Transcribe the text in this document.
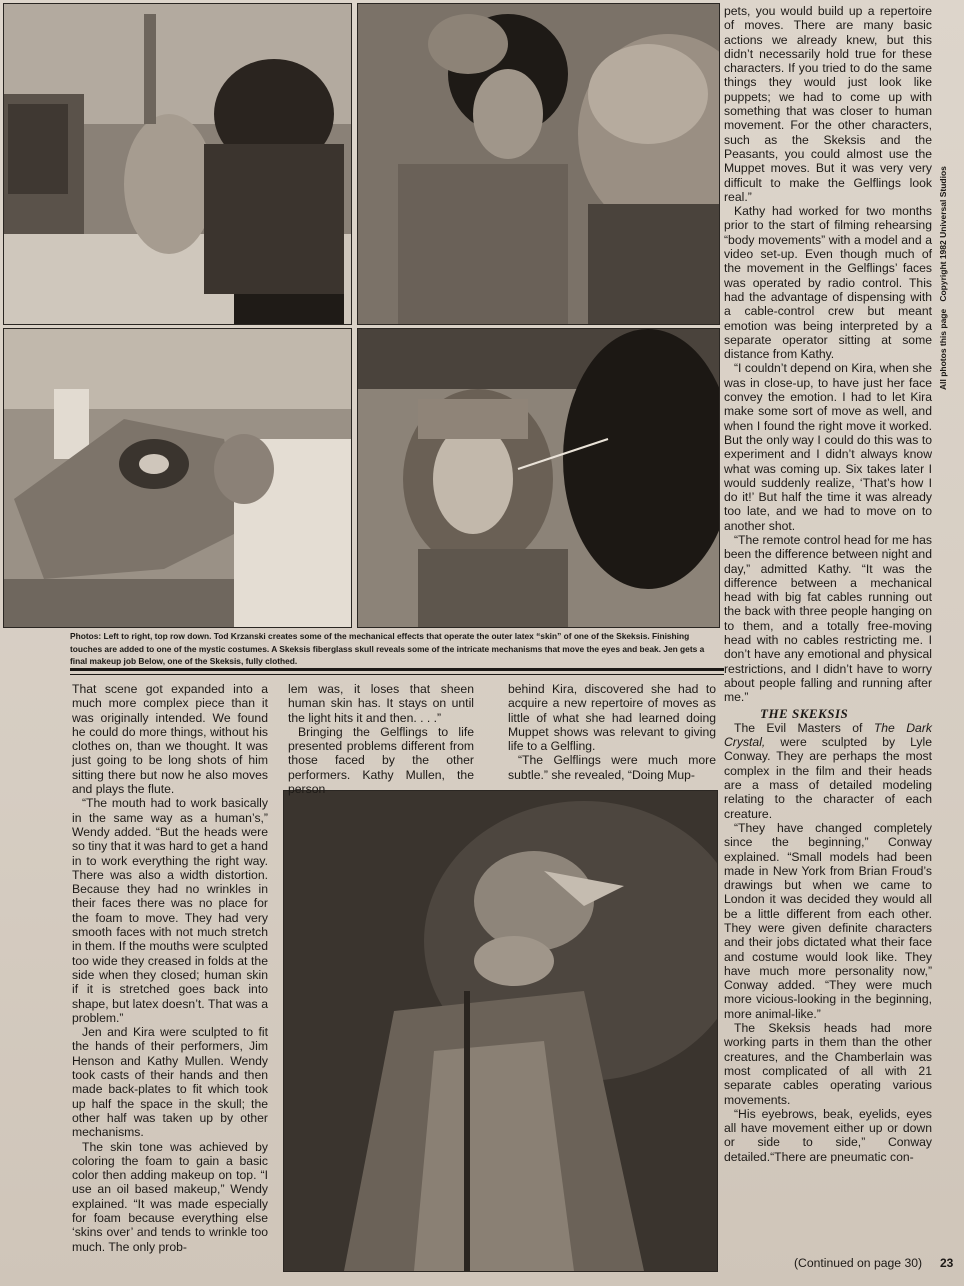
Photos: Left to right, top row down. Tod Krzanski creates some of the mechanical effects that operate the outer latex “skin” of one of the Skeksis. Finishing touches are added to one of the mystic costumes. A Skeksis fiberglass skull reveals some of the intricate mechanisms that move the eyes and beak. Jen gets a final makeup job Below, one of the Skeksis, fully clothed.

That scene got expanded into a much more complex piece than it was originally intended. We found he could do more things, without his clothes on, than we thought. It was just going to be long shots of him sitting there but now he also moves and plays the flute.

“The mouth had to work basically in the same way as a human’s,” Wendy added. “But the heads were so tiny that it was hard to get a hand in to work everything the right way. There was also a width distortion. Because they had no wrinkles in their faces there was no place for the foam to move. They had very smooth faces with not much stretch in them. If the mouths were sculpted too wide they creased in folds at the side when they closed; human skin if it is stretched goes back into shape, but latex doesn’t. That was a problem.”

Jen and Kira were sculpted to fit the hands of their performers, Jim Henson and Kathy Mullen. Wendy took casts of their hands and then made back-plates to fit which took up half the space in the skull; the other half was taken up by other mechanisms.

The skin tone was achieved by coloring the foam to gain a basic color then adding makeup on top. “I use an oil based makeup,” Wendy explained. “It was made especially for foam because everything else ‘skins over’ and tends to wrinkle too much. The only prob-

lem was, it loses that sheen human skin has. It stays on until the light hits it and then. . . .”

Bringing the Gelflings to life presented problems different from those faced by the other performers. Kathy Mullen, the person

behind Kira, discovered she had to acquire a new repertoire of moves as little of what she had learned doing Muppet shows was relevant to giving life to a Gelfling.

“The Gelflings were much more subtle.” she revealed, “Doing Mup-

pets, you would build up a repertoire of moves. There are many basic actions we already knew, but this didn’t necessarily hold true for these characters. If you tried to do the same things they would just look like puppets; we had to come up with something that was closer to human movement. For the other characters, such as the Skeksis and the Peasants, you could almost use the Muppet moves. But it was very very difficult to make the Gelflings look real.”

Kathy had worked for two months prior to the start of filming rehearsing “body movements” with a model and a video set-up. Even though much of the movement in the Gelflings’ faces was operated by radio control. This had the advantage of dispensing with a cable-control crew but meant emotion was being interpreted by a separate operator sitting at some distance from Kathy.

“I couldn’t depend on Kira, when she was in close-up, to have just her face convey the emotion. I had to let Kira make some sort of move as well, and when I found the right move it worked. But the only way I could do this was to experiment and I didn’t always know what was coming up. Six takes later I would suddenly realize, ‘That’s how I do it!’ But half the time it was already too late, and we had to move on to another shot.

“The remote control head for me has been the difference between night and day,” admitted Kathy. “It was the difference between a mechanical head with big fat cables running out the back with three people hanging on to them, and a totally free-moving head with no cables restricting me. I don’t have any emotional and physical restrictions, and I didn’t have to worry about people falling and running after me.”

THE SKEKSIS

The Evil Masters of The Dark Crystal, were sculpted by Lyle Conway. They are perhaps the most complex in the film and their heads are a mass of detailed modeling relating to the character of each creature.

“They have changed completely since the beginning,” Conway explained. “Small models had been made in New York from Brian Froud’s drawings but when we came to London it was decided they would all be a little different from each other. They were given definite characters and their jobs dictated what their face and costume would look like. They have much more personality now,” Conway added. “They were much more vicious-looking in the beginning, more animal-like.”

The Skeksis heads had more working parts in them than the other creatures, and the Chamberlain was most complicated of all with 21 separate cables operating various movements.

“His eyebrows, beak, eyelids, eyes all have movement either up or down or side to side,” Conway detailed.“There are pneumatic con-

(Continued on page 30)
All photos this page   Copyright 1982 Universal Studios
23
